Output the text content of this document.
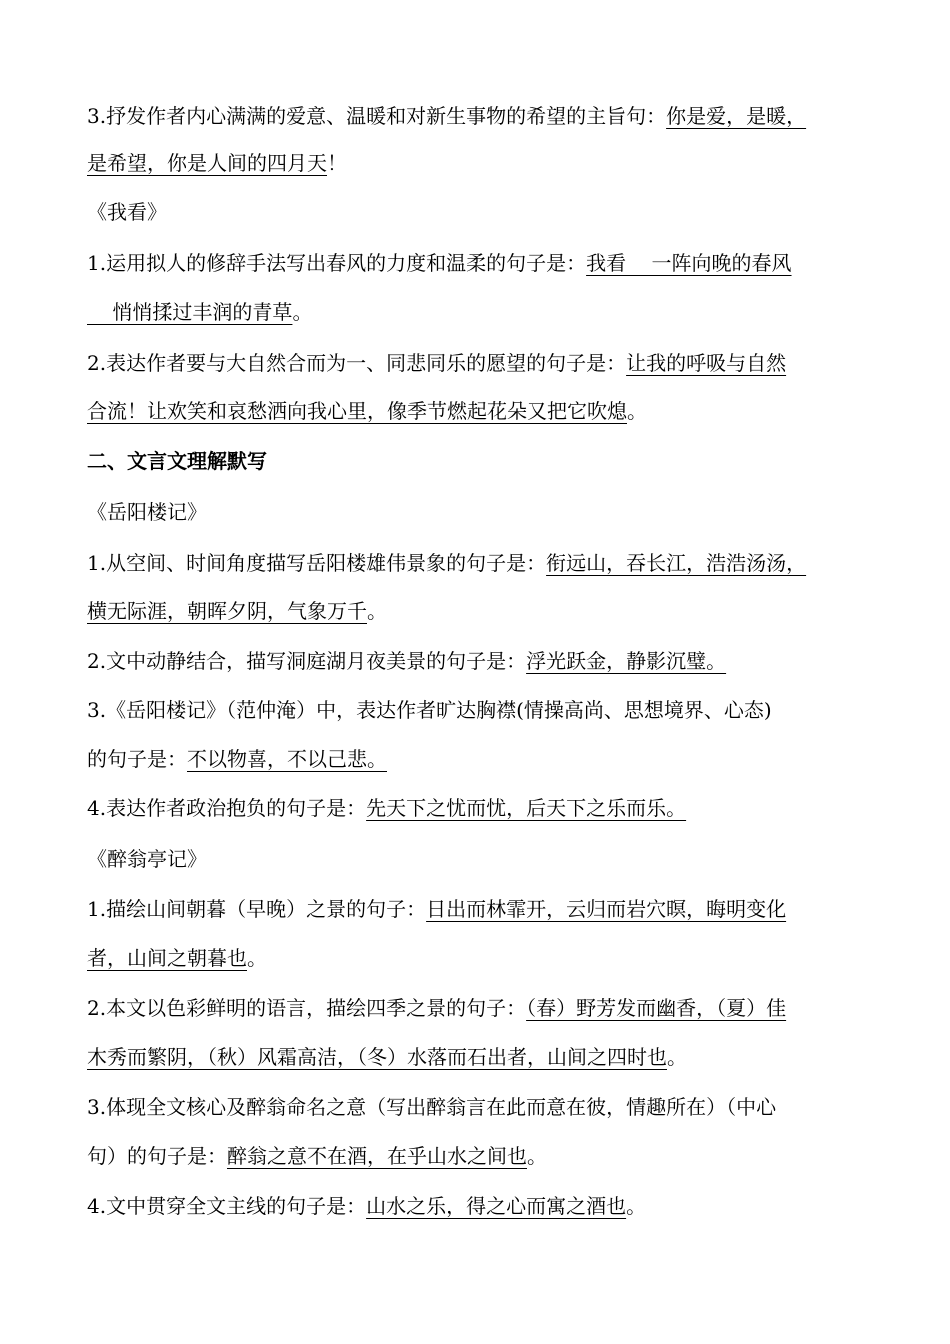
3.抒发作者内心满满的爱意、温暖和对新生事物的希望的主旨句：你是爱，是暖，
是希望，你是人间的四月天！
《我看》
1.运用拟人的修辞手法写出春风的力度和温柔的句子是：我看    一阵向晚的春风
悄悄揉过丰润的青草。
2.表达作者要与大自然合而为一、同悲同乐的愿望的句子是：让我的呼吸与自然
合流！让欢笑和哀愁洒向我心里，像季节燃起花朵又把它吹熄。
二、文言文理解默写
《岳阳楼记》
1.从空间、时间角度描写岳阳楼雄伟景象的句子是：衔远山，吞长江，浩浩汤汤，
横无际涯，朝晖夕阴，气象万千。
2.文中动静结合，描写洞庭湖月夜美景的句子是：浮光跃金，静影沉璧。
3.《岳阳楼记》（范仲淹）中，表达作者旷达胸襟(情操高尚、思想境界、心态)
的句子是：不以物喜，不以己悲。
4.表达作者政治抱负的句子是：先天下之忧而忧，后天下之乐而乐。
《醉翁亭记》
1.描绘山间朝暮（早晚）之景的句子：日出而林霏开，云归而岩穴暝，晦明变化
者，山间之朝暮也。
2.本文以色彩鲜明的语言，描绘四季之景的句子：（春）野芳发而幽香，（夏）佳
木秀而繁阴，（秋）风霜高洁，（冬）水落而石出者，山间之四时也。
3.体现全文核心及醉翁命名之意（写出醉翁言在此而意在彼，情趣所在）（中心
句）的句子是：醉翁之意不在酒，在乎山水之间也。
4.文中贯穿全文主线的句子是：山水之乐，得之心而寓之酒也。
